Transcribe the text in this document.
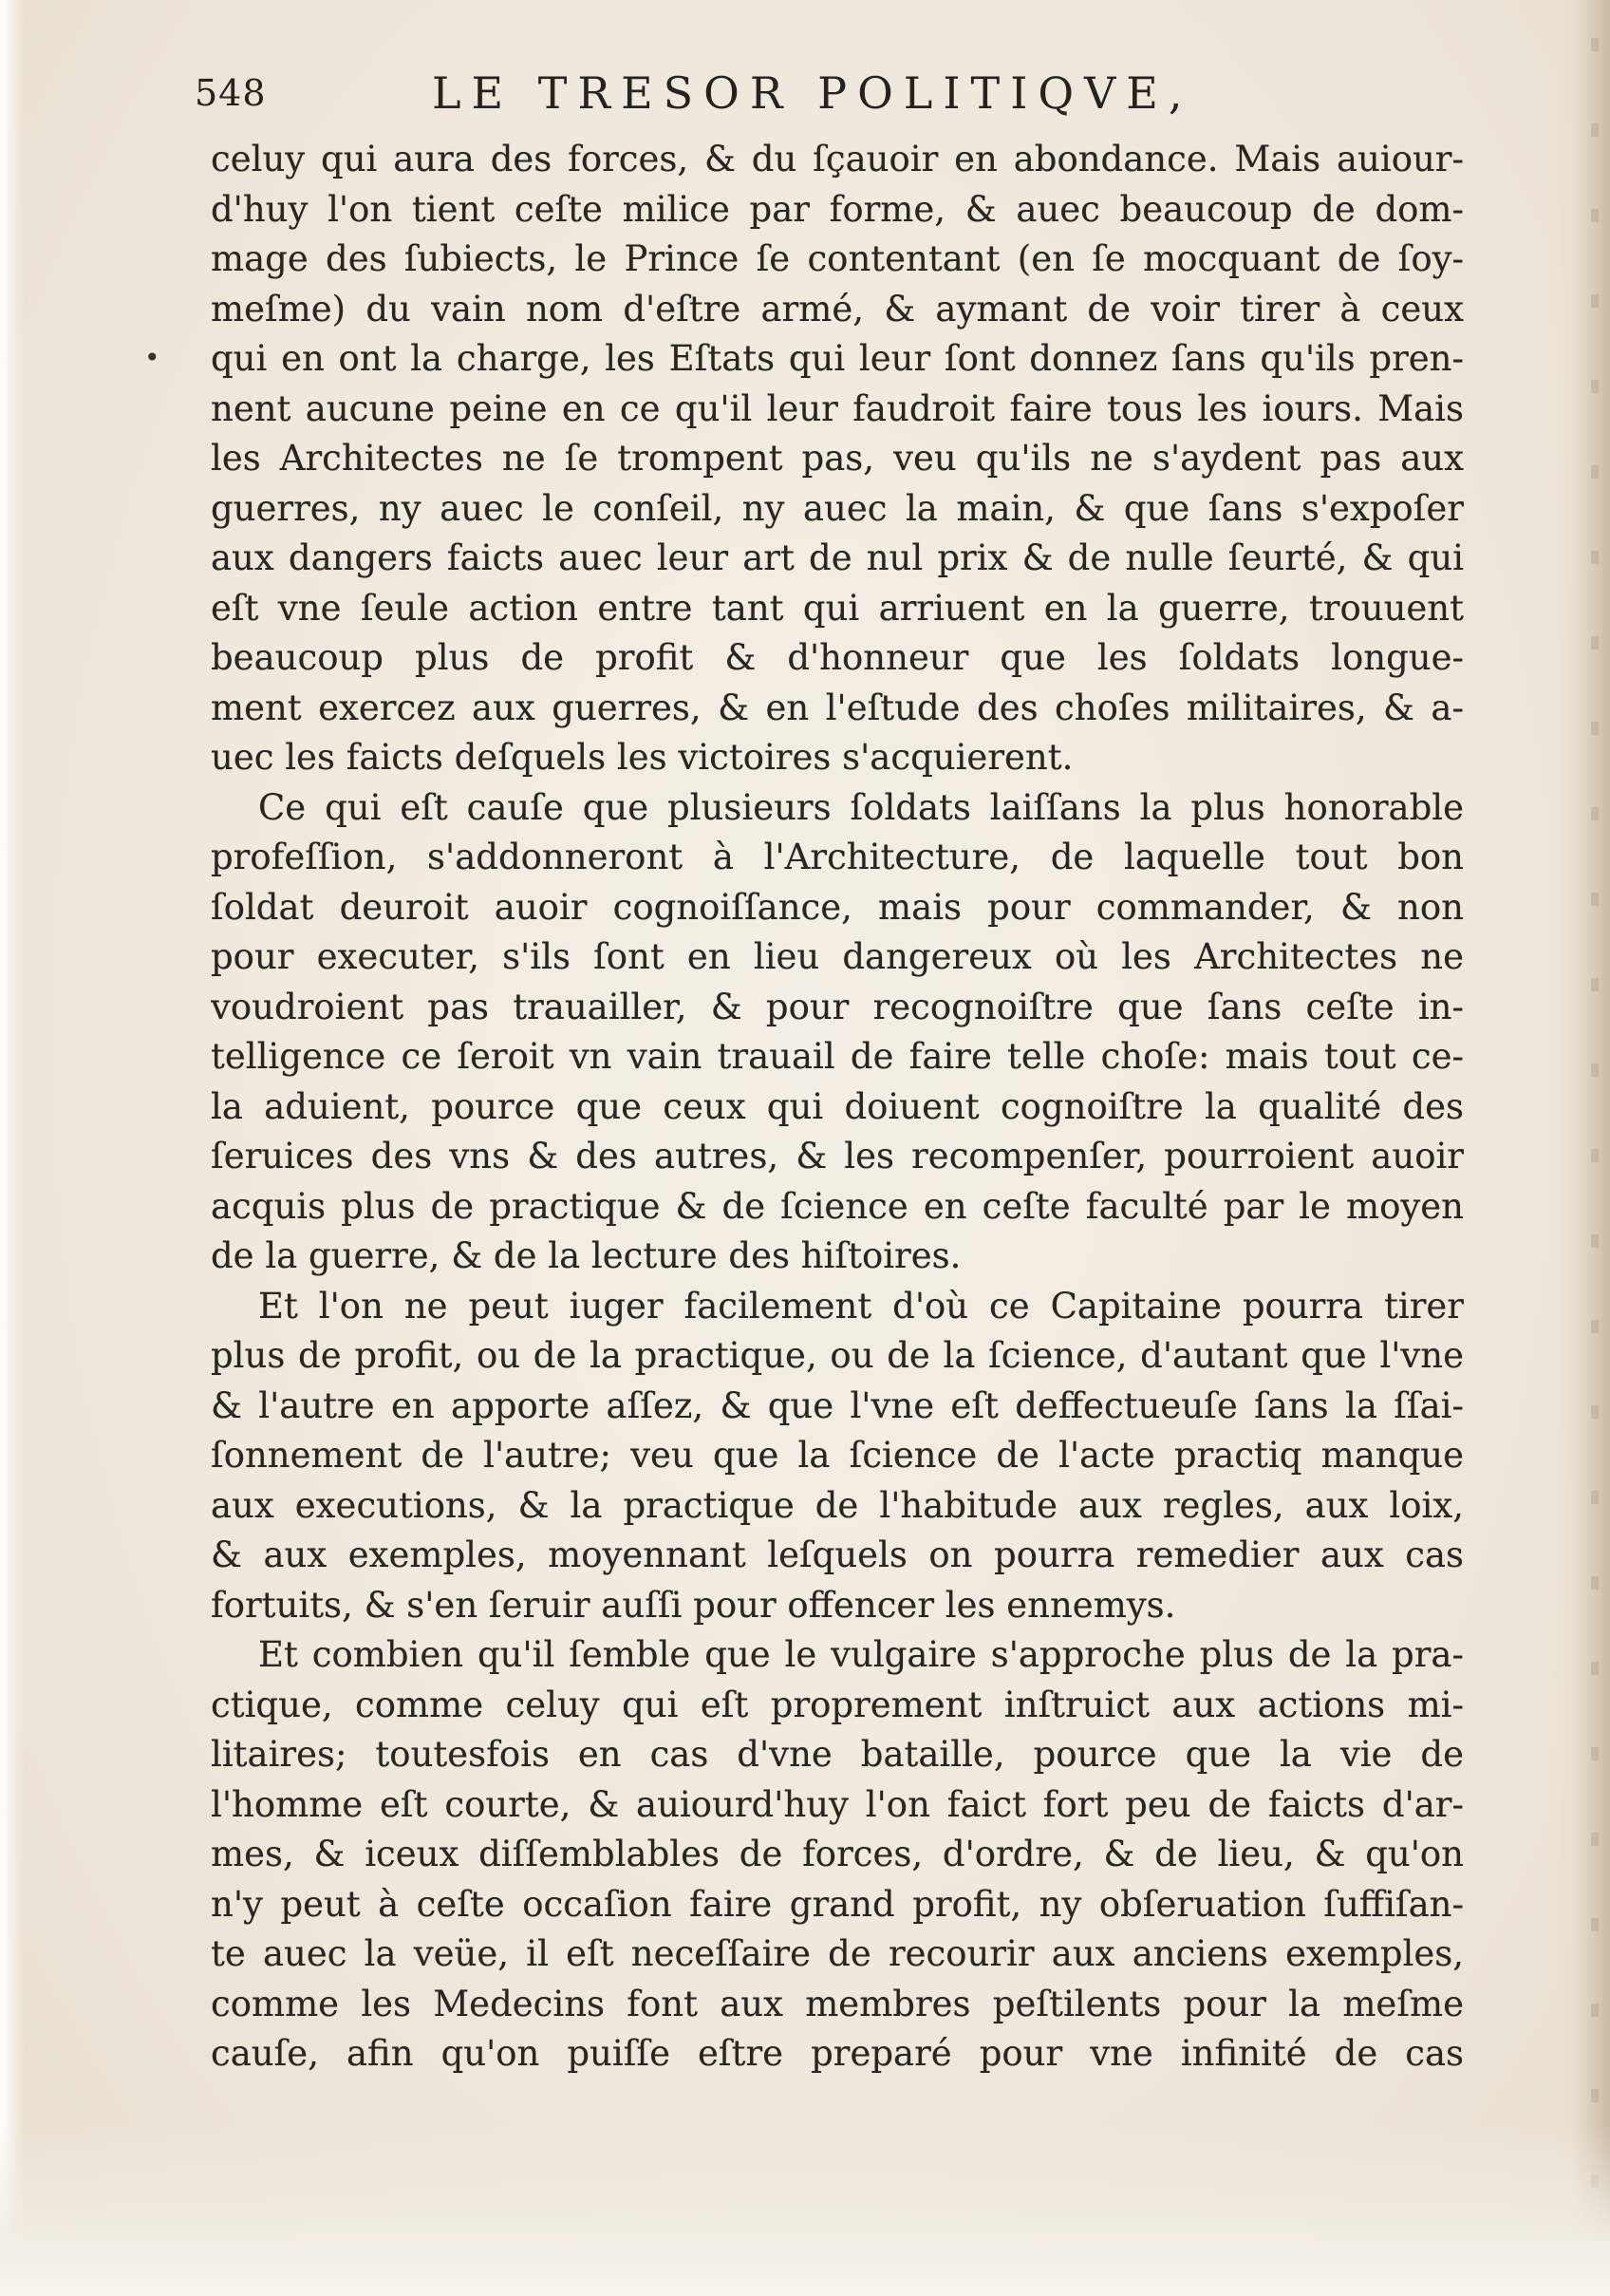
548	LE TRESOR POLITIQVE,
•
celuy qui aura des forces, & du ſçauoir en abondance. Mais auiour-
d'huy l'on tient ceſte milice par forme, & auec beaucoup de dom-
mage des ſubiects, le Prince ſe contentant (en ſe mocquant de ſoy-
meſme) du vain nom d'eſtre armé, & aymant de voir tirer à ceux
qui en ont la charge, les Eſtats qui leur ſont donnez ſans qu'ils pren-
nent aucune peine en ce qu'il leur faudroit faire tous les iours. Mais
les Architectes ne ſe trompent pas, veu qu'ils ne s'aydent pas aux
guerres, ny auec le conſeil, ny auec la main, & que ſans s'expoſer
aux dangers faicts auec leur art de nul prix & de nulle ſeurté, & qui
eſt vne ſeule action entre tant qui arriuent en la guerre, trouuent
beaucoup plus de profit & d'honneur que les ſoldats longue-
ment exercez aux guerres, & en l'eſtude des choſes militaires, & a-
uec les faicts deſquels les victoires s'acquierent.
Ce qui eſt cauſe que plusieurs ſoldats laiſſans la plus honorable
profeſſion, s'addonneront à l'Architecture, de laquelle tout bon
ſoldat deuroit auoir cognoiſſance, mais pour commander, & non
pour executer, s'ils ſont en lieu dangereux où les Architectes ne
voudroient pas trauailler, & pour recognoiſtre que ſans ceſte in-
telligence ce ſeroit vn vain trauail de faire telle choſe: mais tout ce-
la aduient, pource que ceux qui doiuent cognoiſtre la qualité des
ſeruices des vns & des autres, & les recompenſer, pourroient auoir
acquis plus de practique & de ſcience en ceſte faculté par le moyen
de la guerre, & de la lecture des hiſtoires.
Et l'on ne peut iuger facilement d'où ce Capitaine pourra tirer
plus de profit, ou de la practique, ou de la ſcience, d'autant que l'vne
& l'autre en apporte aſſez, & que l'vne eſt deffectueuſe ſans la ſſai-
ſonnement de l'autre; veu que la ſcience de l'acte practiq manque
aux executions, & la practique de l'habitude aux regles, aux loix,
& aux exemples, moyennant leſquels on pourra remedier aux cas
fortuits, & s'en ſeruir auſſi pour offencer les ennemys.
Et combien qu'il ſemble que le vulgaire s'approche plus de la pra-
ctique, comme celuy qui eſt proprement inſtruict aux actions mi-
litaires; toutesfois en cas d'vne bataille, pource que la vie de
l'homme eſt courte, & auiourd'huy l'on faict fort peu de faicts d'ar-
mes, & iceux diſſemblables de forces, d'ordre, & de lieu, & qu'on
n'y peut à ceſte occaſion faire grand profit, ny obſeruation ſuffiſan-
te auec la veüe, il eſt neceſſaire de recourir aux anciens exemples,
comme les Medecins font aux membres peſtilents pour la meſme
cauſe, afin qu'on puiſſe eſtre preparé pour vne infinité de cas
